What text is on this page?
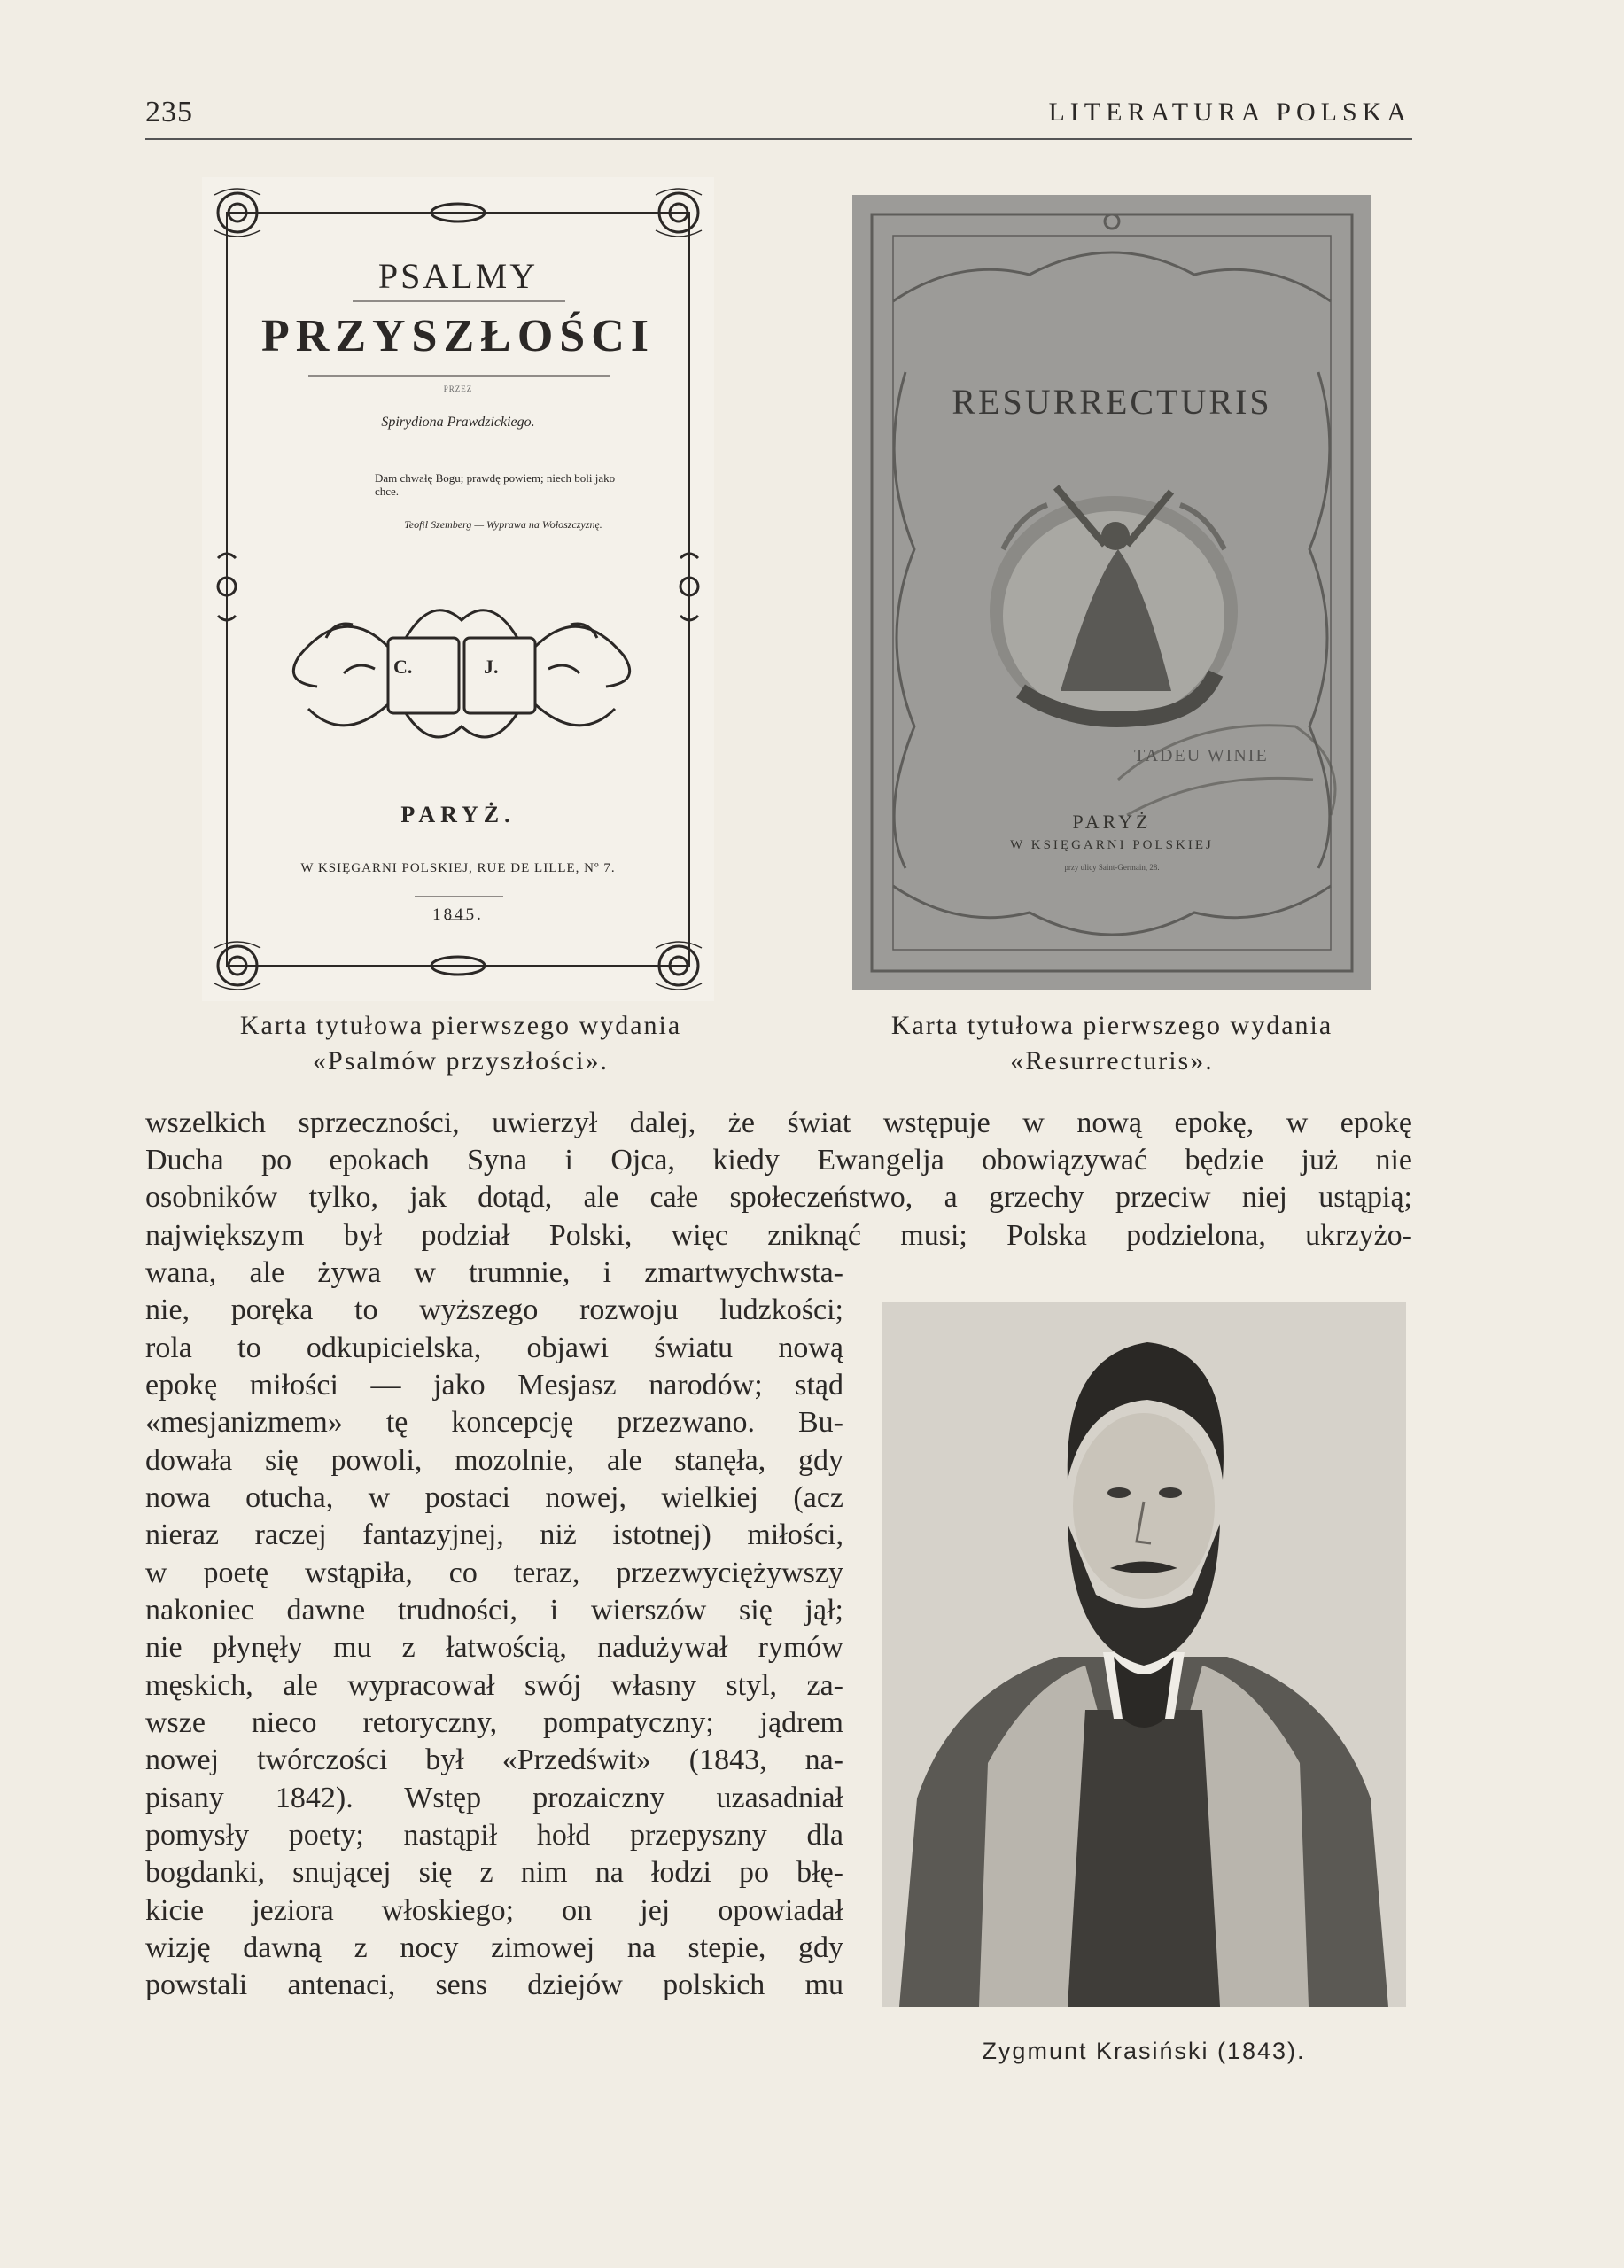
235	LITERATURA POLSKA
PSALMY
PRZYSZŁOŚCI
PRZEZ
Spirydiona Prawdzickiego.
Dam chwałę Bogu; prawdę powiem; niech boli jako chce.
Teofil Szemberg — Wyprawa na Wołoszczyznę.
C.	J.
PARYŻ.
W KSIĘGARNI POLSKIEJ, RUE DE LILLE, Nº 7.
1845.
RESURRECTURIS
TADEU WINIE
PARYŻ
W KSIĘGARNI POLSKIEJ
przy ulicy Saint-Germain, 28.
Karta tytułowa pierwszego wydania
«Psalmów przyszłości».
Karta tytułowa pierwszego wydania
«Resurrecturis».
wszelkich sprzeczności, uwierzył dalej, że świat wstępuje w nową epokę, w epokę
Ducha po epokach Syna i Ojca, kiedy Ewangelja obowiązywać będzie już nie
osobników tylko, jak dotąd, ale całe społeczeństwo, a grzechy przeciw niej ustąpią;
największym był podział Polski, więc zniknąć musi; Polska podzielona, ukrzyżo-
wana, ale żywa w trumnie, i zmartwychwsta-
nie, poręka to wyższego rozwoju ludzkości;
rola to odkupicielska, objawi światu nową
epokę miłości — jako Mesjasz narodów; stąd
«mesjanizmem» tę koncepcję przezwano. Bu-
dowała się powoli, mozolnie, ale stanęła, gdy
nowa otucha, w postaci nowej, wielkiej (acz
nieraz raczej fantazyjnej, niż istotnej) miłości,
w poetę wstąpiła, co teraz, przezwyciężywszy
nakoniec dawne trudności, i wierszów się jął;
nie płynęły mu z łatwością, nadużywał rymów
męskich, ale wypracował swój własny styl, za-
wsze nieco retoryczny, pompatyczny; jądrem
nowej twórczości był «Przedświt» (1843, na-
pisany 1842). Wstęp prozaiczny uzasadniał
pomysły poety; nastąpił hołd przepyszny dla
bogdanki, snującej się z nim na łodzi po błę-
kicie jeziora włoskiego; on jej opowiadał
wizję dawną z nocy zimowej na stepie, gdy
powstali antenaci, sens dziejów polskich mu
Zygmunt Krasiński (1843).
